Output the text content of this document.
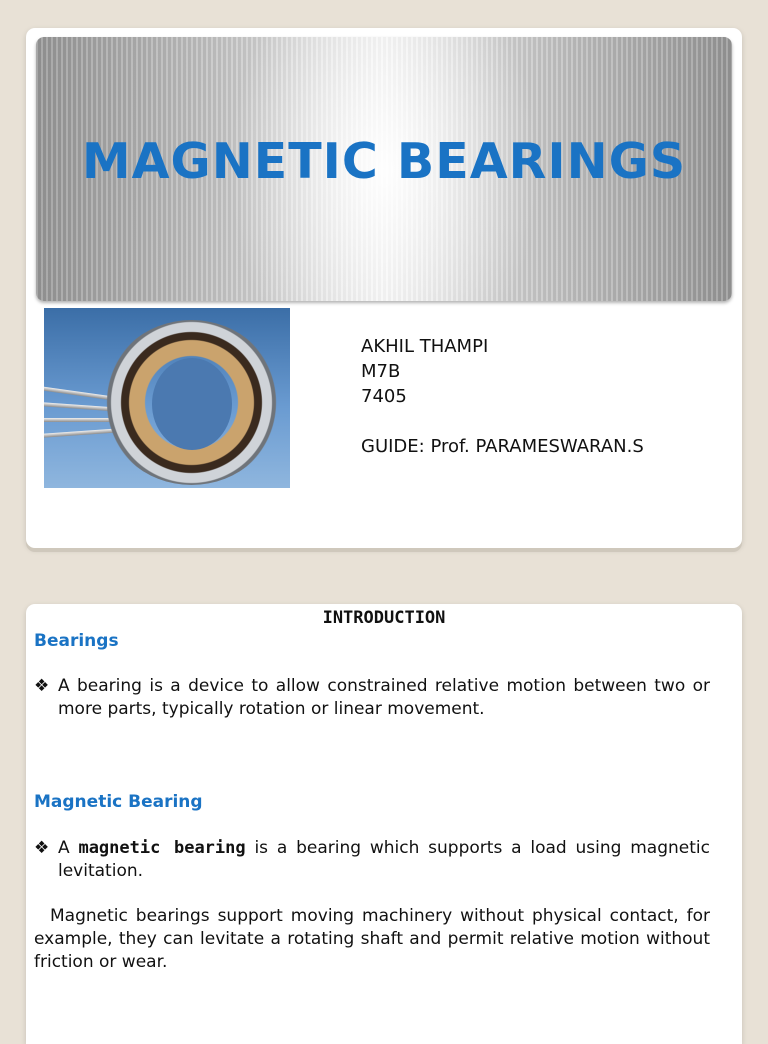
MAGNETIC BEARINGS
AKHIL THAMPI
M7B
7405
GUIDE: Prof. PARAMESWARAN.S
INTRODUCTION
Bearings
❖ A bearing is a device to allow constrained relative motion between two or more parts, typically rotation or linear movement.
Magnetic Bearing
❖ A magnetic bearing is a bearing which supports a load using magnetic levitation.
Magnetic bearings support moving machinery without physical contact, for example, they can levitate a rotating shaft and permit relative motion without friction or wear.
